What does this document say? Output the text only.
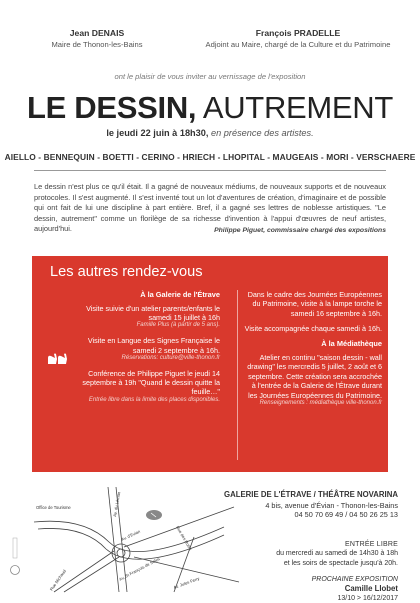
Jean DENAIS
Maire de Thonon-les-Bains
François PRADELLE
Adjoint au Maire, chargé de la Culture et du Patrimoine
ont le plaisir de vous inviter au vernissage de l'exposition
LE DESSIN, AUTREMENT
le jeudi 22 juin à 18h30, en présence des artistes.
AIELLO - BENNEQUIN - BOETTI - CERINO - HRIECH - LHOPITAL - MAUGEAIS - MORI - VERSCHAERE
Le dessin n'est plus ce qu'il était. Il a gagné de nouveaux médiums, de nouveaux supports et de nouveaux protocoles. Il s'est augmenté. Il s'est inventé tout un lot d'aventures de création, d'imaginaire et de possible qui ont fait de lui une discipline à part entière. Bref, il a gagné ses lettres de noblesse artistiques. "Le dessin, autrement" comme un florilège de sa richesse d'invention à l'appui d'œuvres de neuf artistes, aujourd'hui.	Philippe Piguet, commissaire chargé des expositions
Les autres rendez-vous
À la Galerie de l'Étrave
Visite suivie d'un atelier parents/enfants le samedi 15 juillet à 16h
Famille Plus (à partir de 5 ans).
Visite en Langue des Signes Française le samedi 2 septembre à 16h.
Réservations: culture@ville-thonon.fr
Conférence de Philippe Piguet le jeudi 14 septembre à 19h "Quand le dessin quitte la feuille…"
Entrée libre dans la limite des places disponibles.
Dans le cadre des Journées Européennes du Patrimoine, visite à la lampe torche le samedi 16 septembre à 16h.
Visite accompagnée chaque samedi à 16h.
À la Médiathèque
Atelier en continu "saison dessin - wall drawing" les mercredis 5 juillet, 2 août et 6 septembre. Cette création sera accrochée à l'entrée de la Galerie de l'Étrave durant les Journées Européennes du Patrimoine.
Renseignements : médiathèque ville-thonon.fr
Av. du Léman
Av. d'Evian	Rue des Rollin
Av. St François de Sales
Av. Jules Ferry
Rue Michaud
Office de Tourisme
GALERIE DE L'ÉTRAVE / THÉÂTRE NOVARINA
4 bis, avenue d'Évian - Thonon-les-Bains
04 50 70 69 49 / 04 50 26 25 13
ENTRÉE LIBRE
du mercredi au samedi de 14h30 à 18h
et les soirs de spectacle jusqu'à 20h.
PROCHAINE EXPOSITION
Camille Llobet
13/10 > 16/12/2017
